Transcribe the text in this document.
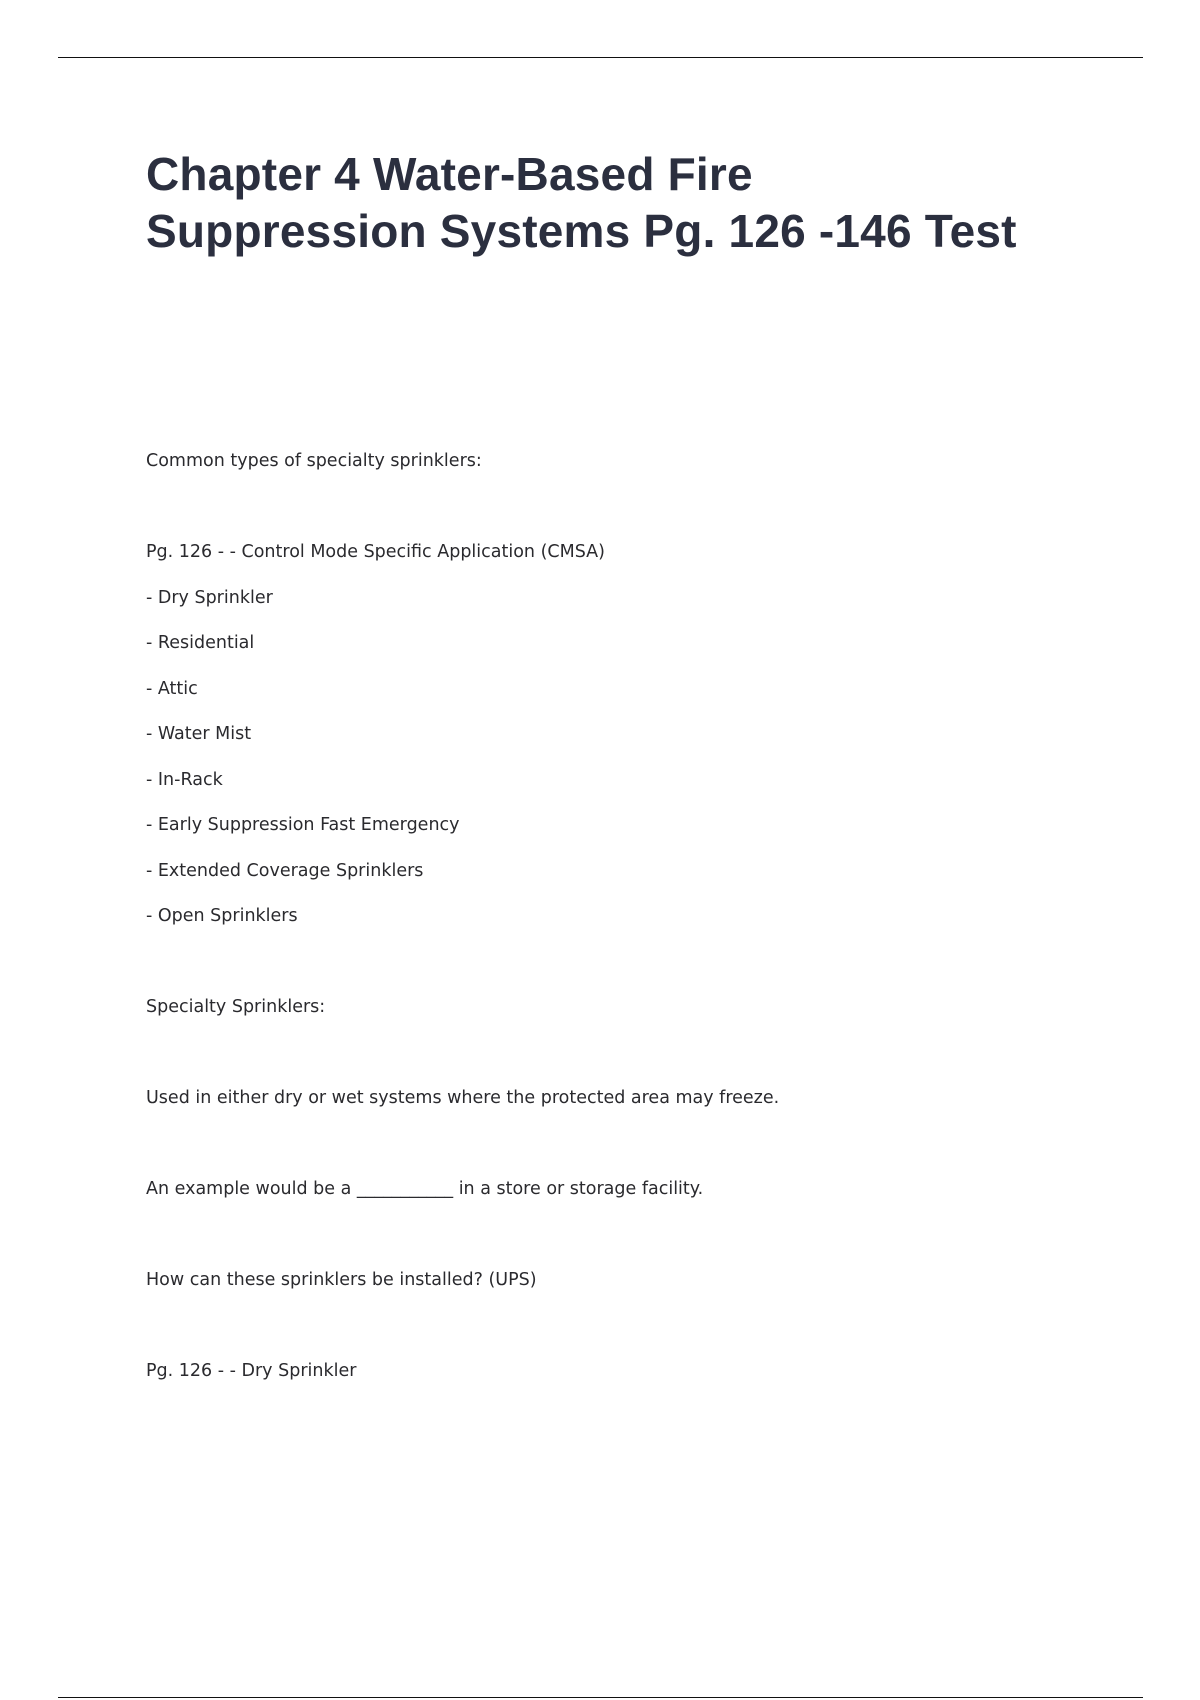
Chapter 4 Water-Based Fire Suppression Systems Pg. 126 -146 Test
Common types of specialty sprinklers:
Pg. 126 - - Control Mode Specific Application (CMSA)
- Dry Sprinkler
- Residential
- Attic
- Water Mist
- In-Rack
- Early Suppression Fast Emergency
- Extended Coverage Sprinklers
- Open Sprinklers
Specialty Sprinklers:
Used in either dry or wet systems where the protected area may freeze.
An example would be a ___________ in a store or storage facility.
How can these sprinklers be installed? (UPS)
Pg. 126 - - Dry Sprinkler
